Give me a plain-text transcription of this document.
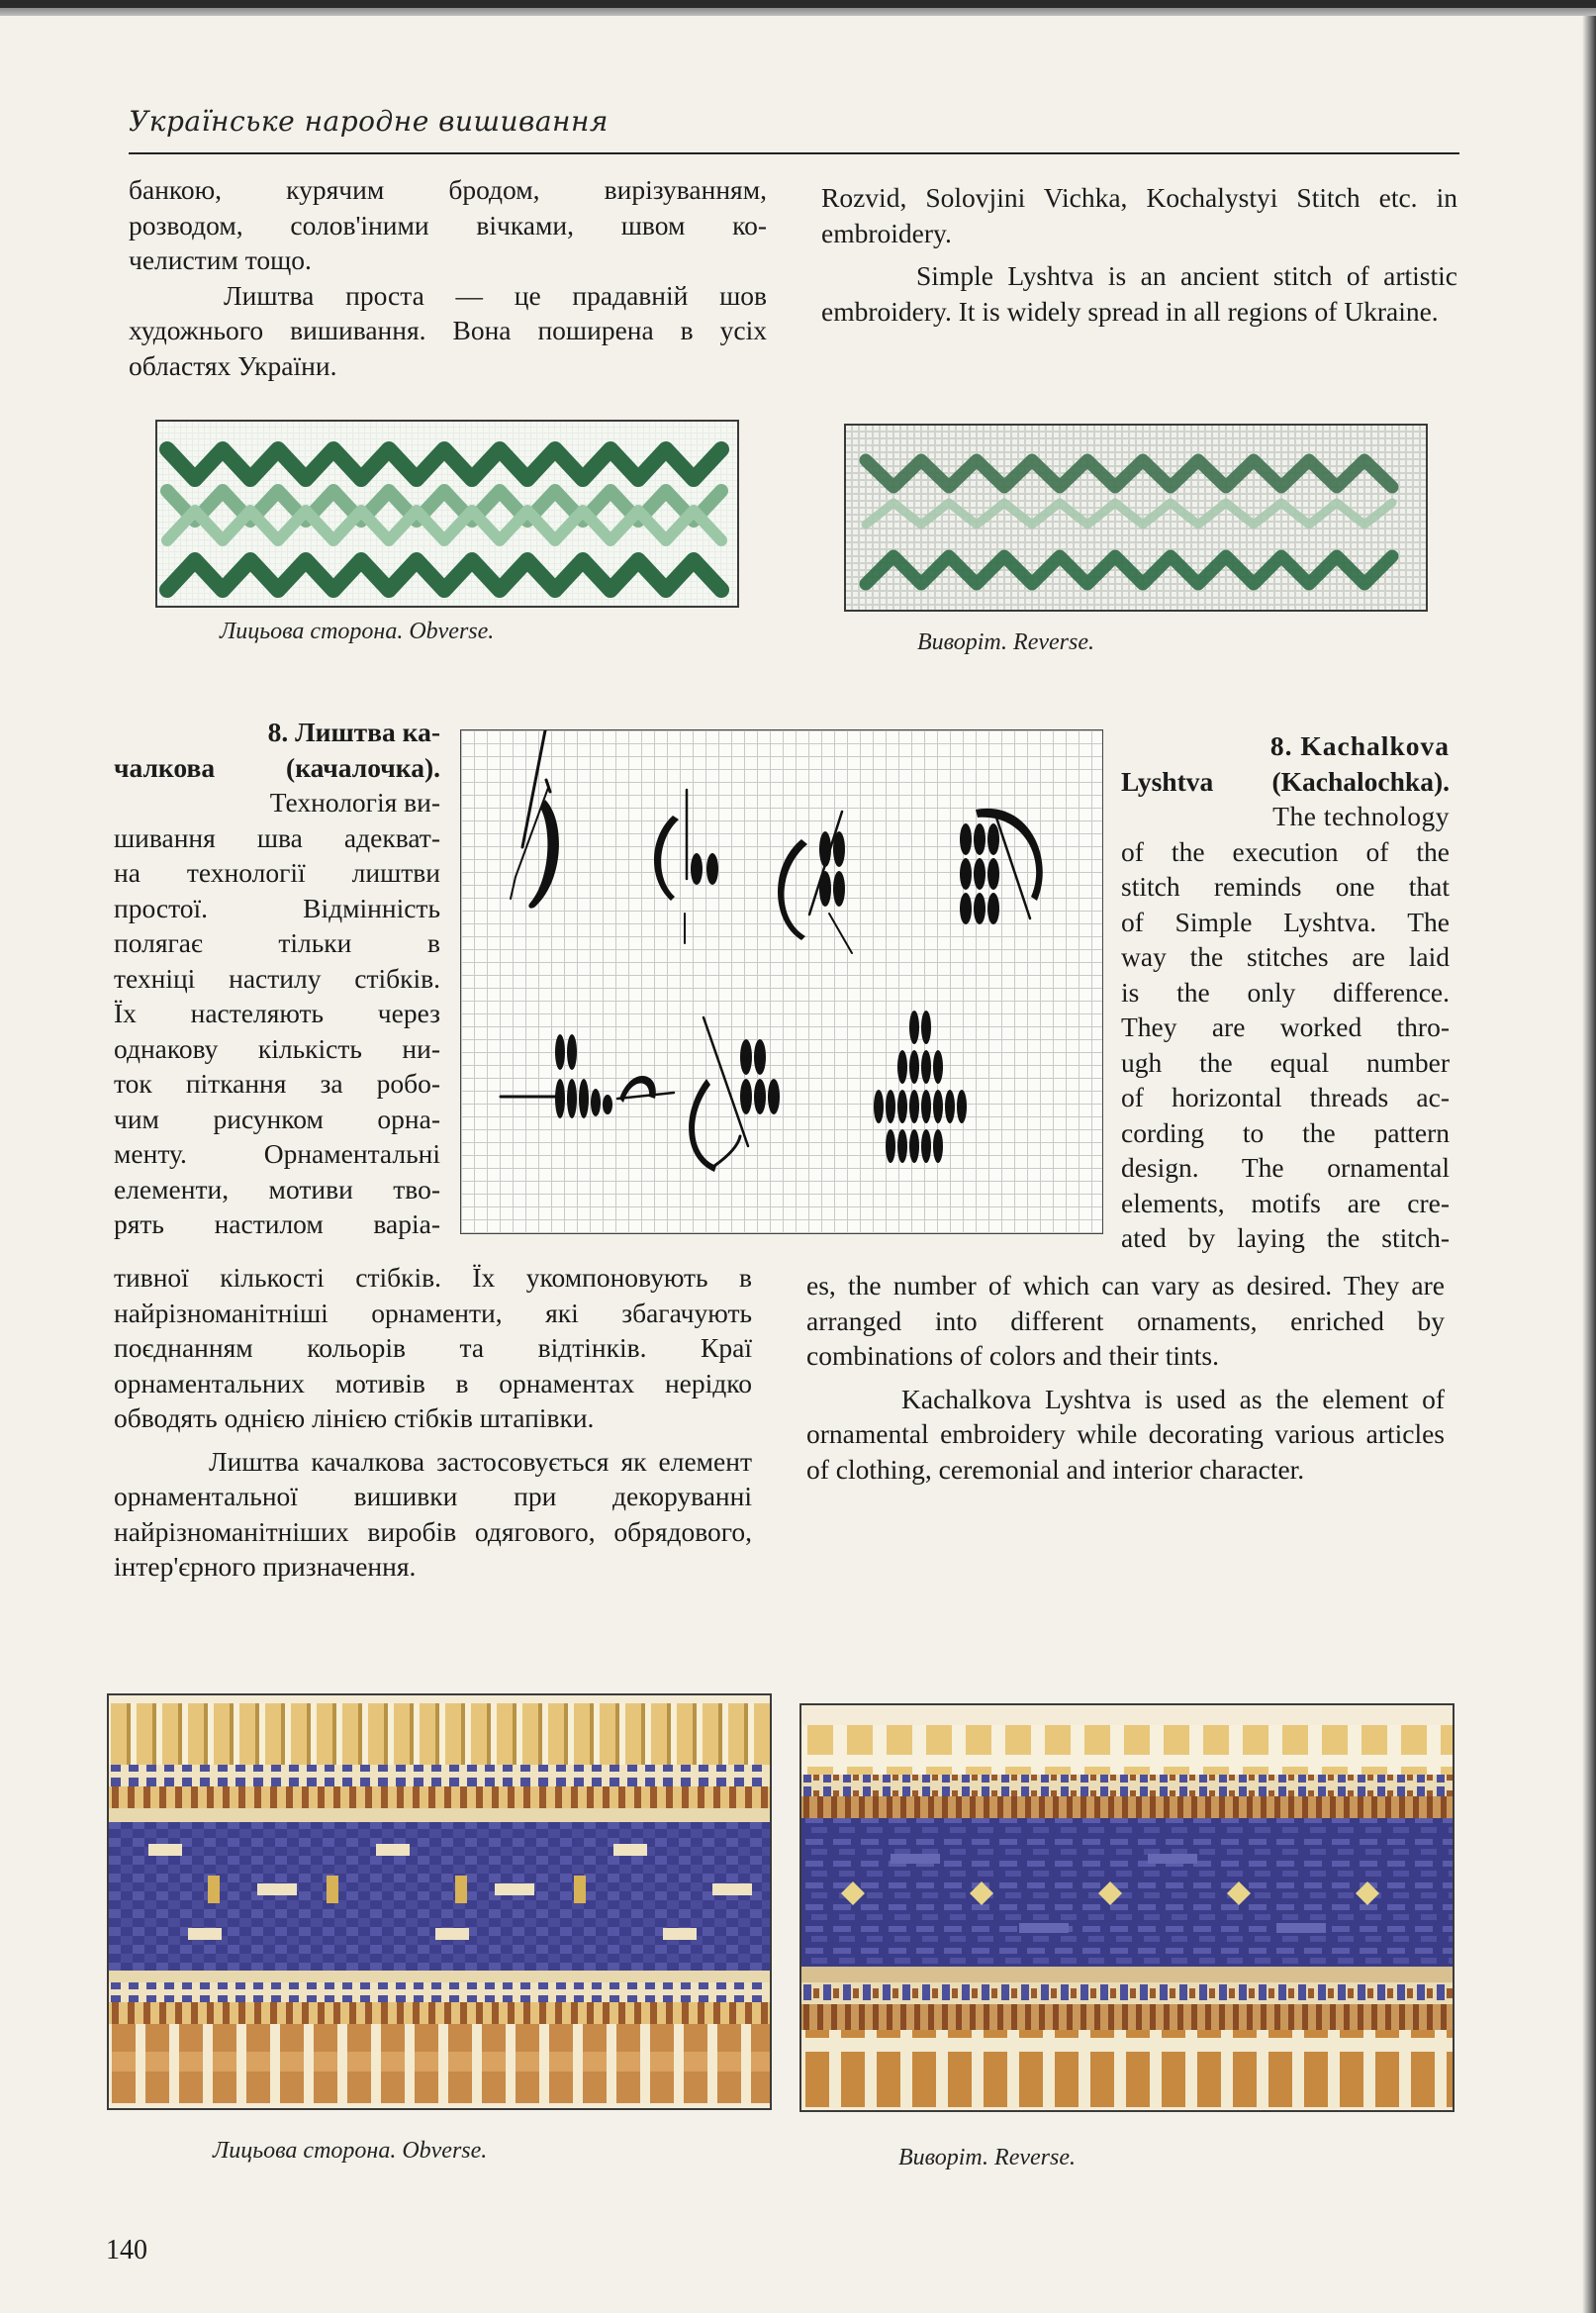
Українське народне вишивання

банкою, курячим бродом, вирізуванням,

розводом, солов'іними вічками, швом ко-

челистим тощо.

Лиштва проста — це прадавній шов художнього вишивання. Вона поширена в усіх областях України.

Rozvid, Solovjini Vichka, Kochalystyi Stitch etc. in embroidery.

Simple Lyshtva is an ancient stitch of artistic embroidery. It is widely spread in all regions of Ukraine.

Лицьова сторона. Obverse.	Виворіт. Reverse.

8. Лиштва ка-

чалкова (качалочка).

Технологія ви-

шивання шва адекват-

на технології лиштви

простої. Відмінність

полягає тільки в

техніці настилу стібків.

Їх настеляють через

однакову кількість ни-

ток піткання за робо-

чим рисунком орна-

менту. Орнаментальні

елементи, мотиви тво-

рять настилом варіа-

тивної кількості стібків. Їх укомпоновують в найрізноманітніші орнаменти, які збагачують поєднанням кольорів та відтінків. Краї орнаментальних мотивів в орнаментах нерідко обводять однією лінією стібків штапівки.

Лиштва качалкова застосовується як елемент орнаментальної вишивки при декоруванні найрізноманітніших виробів одягового, обрядового, інтер'єрного призначення.

8. Kachalkova

Lyshtva (Kachalochka).

The technology

of the execution of the

stitch reminds one that

of Simple Lyshtva. The

way the stitches are laid

is the only difference.

They are worked thro-

ugh the equal number

of horizontal threads ac-

cording to the pattern

design. The ornamental

elements, motifs are cre-

ated by laying the stitch-

es, the number of which can vary as desired. They are arranged into different ornaments, enriched by combinations of colors and their tints.

Kachalkova Lyshtva is used as the element of ornamental embroidery while decorating various articles of clothing, ceremonial and interior character.

Лицьова сторона. Obverse.	Виворіт. Reverse.
140
